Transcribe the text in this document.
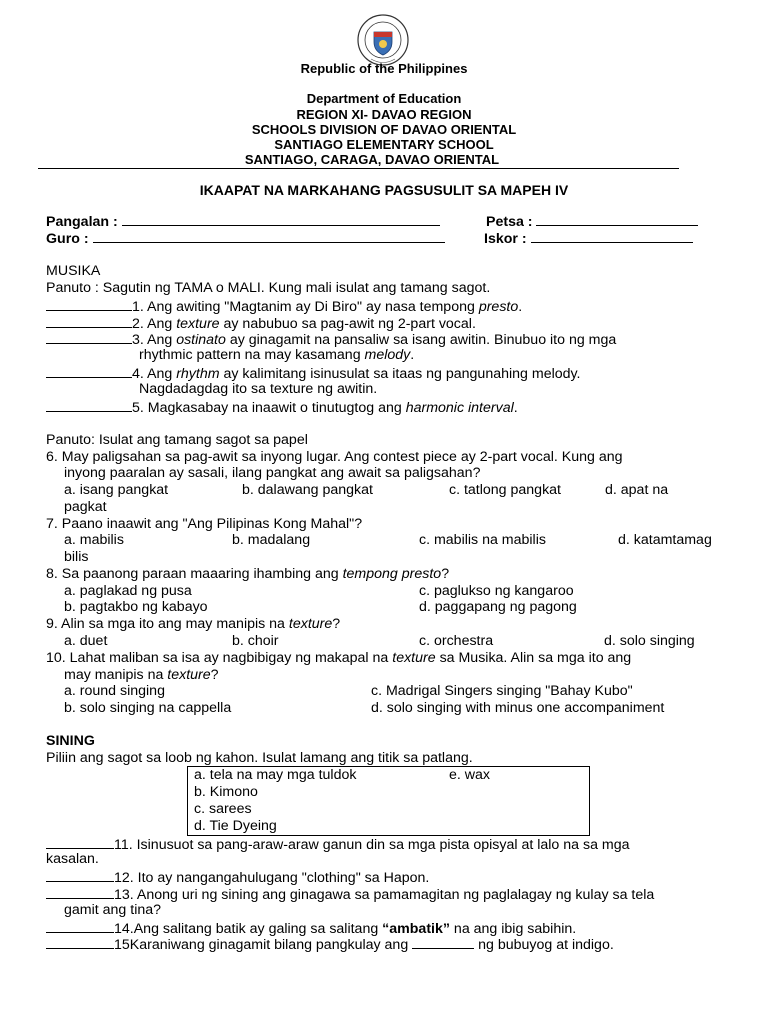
Republic of the Philippines
Department of Education
REGION XI- DAVAO REGION
SCHOOLS DIVISION OF DAVAO ORIENTAL
SANTIAGO ELEMENTARY SCHOOL
SANTIAGO, CARAGA, DAVAO ORIENTAL
IKAAPAT NA MARKAHANG PAGSUSULIT SA MAPEH IV
Pangalan :	Petsa :
Guro :	Iskor :
MUSIKA
Panuto : Sagutin ng TAMA o MALI. Kung mali isulat ang tamang sagot.
1. Ang awiting "Magtanim ay Di Biro" ay nasa tempong presto.
2. Ang texture ay nabubuo sa pag-awit ng 2-part vocal.
3. Ang ostinato ay ginagamit na pansaliw sa isang awitin. Binubuo ito ng mga
rhythmic pattern na may kasamang melody.
4. Ang rhythm ay kalimitang isinusulat sa itaas ng pangunahing melody.
Nagdadagdag ito sa texture ng awitin.
5. Magkasabay na inaawit o tinutugtog ang harmonic interval.
Panuto: Isulat ang tamang sagot sa papel
6. May paligsahan sa pag-awit sa inyong lugar. Ang contest piece ay 2-part vocal. Kung ang
inyong paaralan ay sasali, ilang pangkat ang await sa paligsahan?
a. isang pangkat	b. dalawang pangkat	c. tatlong pangkat	d. apat na
pagkat
7. Paano inaawit ang "Ang Pilipinas Kong Mahal"?
a. mabilis	b. madalang	c. mabilis na mabilis	d. katamtamag
bilis
8. Sa paanong paraan maaaring ihambing ang tempong presto?
a. paglakad ng pusa	c. paglukso ng kangaroo
b. pagtakbo ng kabayo	d. paggapang ng pagong
9. Alin sa mga ito ang may manipis na texture?
a. duet	b. choir	c. orchestra	d. solo singing
10. Lahat maliban sa isa ay nagbibigay ng makapal na texture sa Musika. Alin sa mga ito ang
may manipis na texture?
a. round singing	c. Madrigal Singers singing "Bahay Kubo"
b. solo singing na cappella	d. solo singing with minus one accompaniment
SINING
Piliin ang sagot sa loob ng kahon. Isulat lamang ang titik sa patlang.
a. tela na may mga tuldok	e. wax
b. Kimono
c. sarees
d. Tie Dyeing
11. Isinusuot sa pang-araw-araw ganun din sa mga pista opisyal at lalo na sa mga
kasalan.
12. Ito ay nangangahulugang "clothing" sa Hapon.
13. Anong uri ng sining ang ginagawa sa pamamagitan ng paglalagay ng kulay sa tela
gamit ang tina?
14.Ang salitang batik ay galing sa salitang “ambatik” na ang ibig sabihin.
15Karaniwang ginagamit bilang pangkulay ang	ng bubuyog at indigo.
